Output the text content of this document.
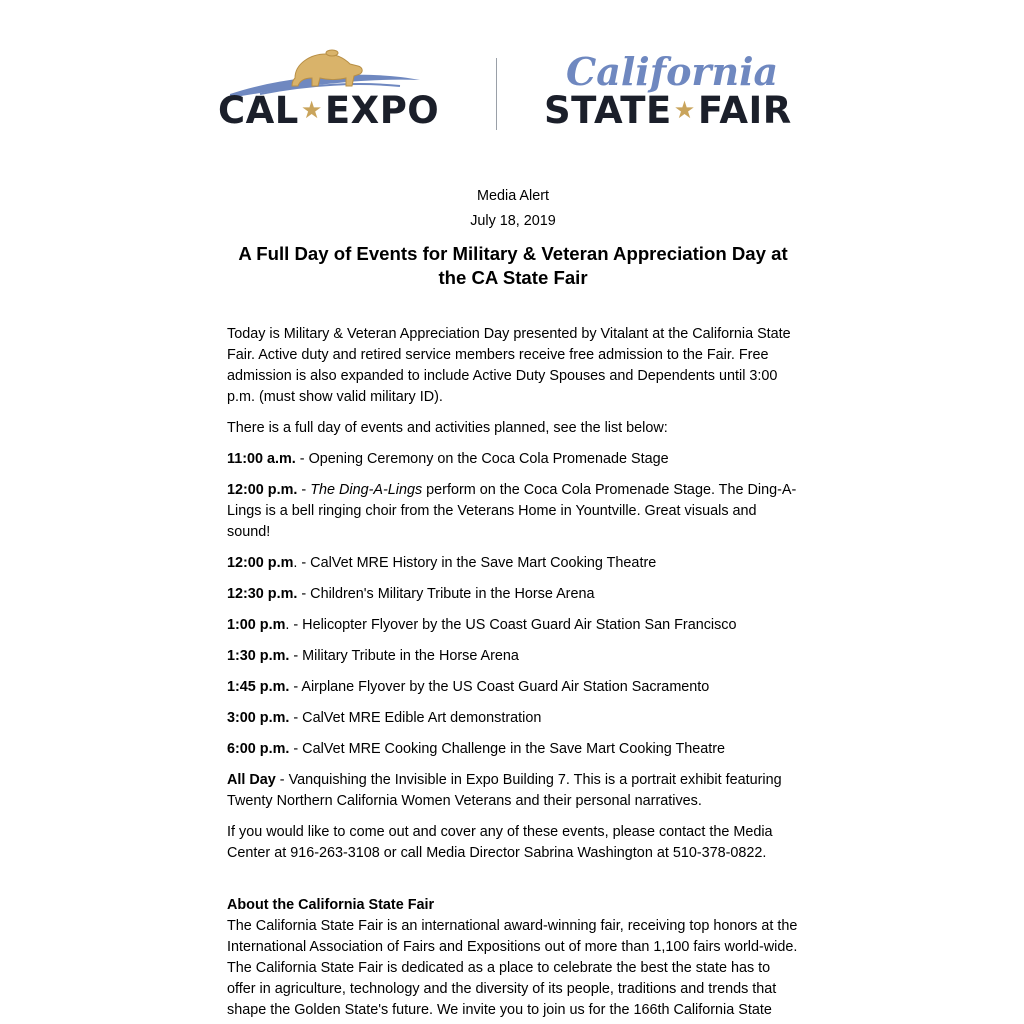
CAL★EXPO
California
STATE★FAIR

Media Alert

July 18, 2019

A Full Day of Events for Military & Veteran Appreciation Day at the CA State Fair

Today is Military & Veteran Appreciation Day presented by Vitalant at the California State Fair. Active duty and retired service members receive free admission to the Fair. Free admission is also expanded to include Active Duty Spouses and Dependents until 3:00 p.m. (must show valid military ID).

There is a full day of events and activities planned, see the list below:

11:00 a.m. - Opening Ceremony on the Coca Cola Promenade Stage

12:00 p.m. - The Ding-A-Lings perform on the Coca Cola Promenade Stage. The Ding-A-Lings is a bell ringing choir from the Veterans Home in Yountville. Great visuals and sound!

12:00 p.m. - CalVet MRE History in the Save Mart Cooking Theatre

12:30 p.m. - Children's Military Tribute in the Horse Arena

1:00 p.m. - Helicopter Flyover by the US Coast Guard Air Station San Francisco

1:30 p.m. - Military Tribute in the Horse Arena

1:45 p.m. - Airplane Flyover by the US Coast Guard Air Station Sacramento

3:00 p.m. - CalVet MRE Edible Art demonstration

6:00 p.m. - CalVet MRE Cooking Challenge in the Save Mart Cooking Theatre

All Day - Vanquishing the Invisible in Expo Building 7. This is a portrait exhibit featuring Twenty Northern California Women Veterans and their personal narratives.

If you would like to come out and cover any of these events, please contact the Media Center at 916-263-3108 or call Media Director Sabrina Washington at 510-378-0822.

About the California State Fair

The California State Fair is an international award-winning fair, receiving top honors at the International Association of Fairs and Expositions out of more than 1,100 fairs world-wide. The California State Fair is dedicated as a place to celebrate the best the state has to offer in agriculture, technology and the diversity of its people, traditions and trends that shape the Golden State's future. We invite you to join us for the 166th California State
